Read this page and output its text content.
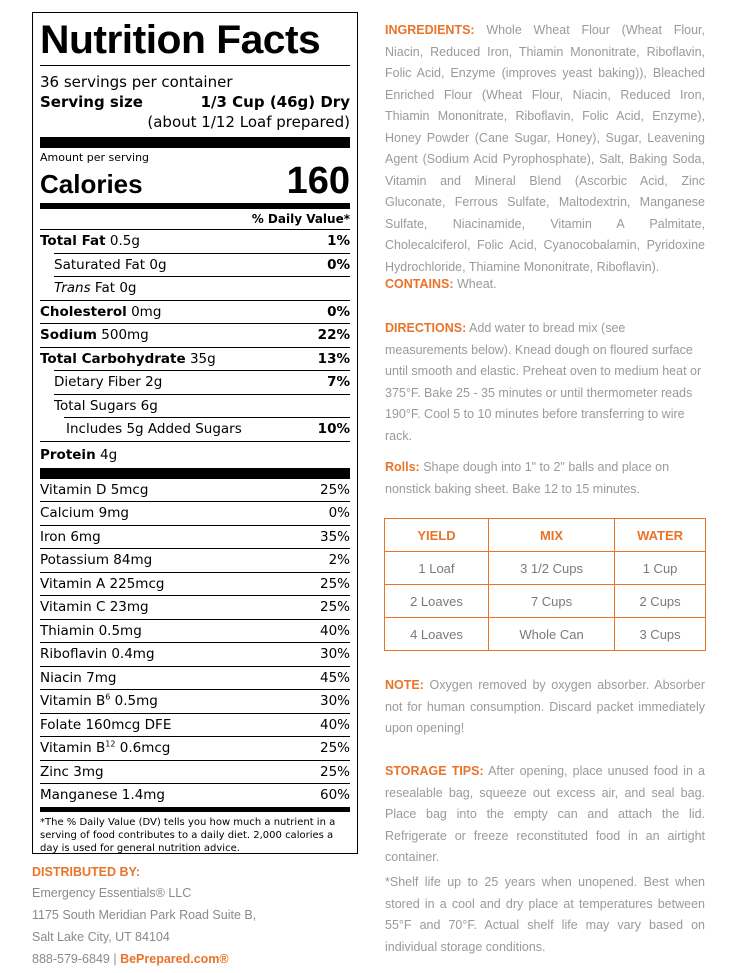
Nutrition Facts
36 servings per container
Serving size	1/3 Cup (46g) Dry
(about 1/12 Loaf prepared)
Amount per serving
Calories	160
% Daily Value*
Total Fat 0.5g	1%
Saturated Fat 0g	0%
Trans Fat 0g
Cholesterol 0mg	0%
Sodium 500mg	22%
Total Carbohydrate 35g	13%
Dietary Fiber 2g	7%
Total Sugars 6g
Includes 5g Added Sugars	10%
Protein 4g
Vitamin D 5mcg	25%
Calcium 9mg	0%
Iron 6mg	35%
Potassium 84mg	2%
Vitamin A 225mcg	25%
Vitamin C 23mg	25%
Thiamin 0.5mg	40%
Riboflavin 0.4mg	30%
Niacin 7mg	45%
Vitamin $B^6$ 0.5mg	30%
Folate 160mcg DFE	40%
Vitamin $B^{12}$ 0.6mcg	25%
Zinc 3mg	25%
Manganese 1.4mg	60%
*The % Daily Value (DV) tells you how much a nutrient in a serving of food contributes to a daily diet. 2,000 calories a day is used for general nutrition advice.
DISTRIBUTED BY:
Emergency Essentials® LLC
1175 South Meridian Park Road Suite B,
Salt Lake City, UT 84104
888-579-6849 | BePrepared.com®
INGREDIENTS: Whole Wheat Flour (Wheat Flour, Niacin, Reduced Iron, Thiamin Mononitrate, Riboflavin, Folic Acid, Enzyme (improves yeast baking)), Bleached Enriched Flour (Wheat Flour, Niacin, Reduced Iron, Thiamin Mononitrate, Riboflavin, Folic Acid, Enzyme), Honey Powder (Cane Sugar, Honey), Sugar, Leavening Agent (Sodium Acid Pyrophosphate), Salt, Baking Soda, Vitamin and Mineral Blend (Ascorbic Acid, Zinc Gluconate, Ferrous Sulfate, Maltodextrin, Manganese Sulfate, Niacinamide, Vitamin A Palmitate, Cholecalciferol, Folic Acid, Cyanocobalamin, Pyridoxine Hydrochloride, Thiamine Mononitrate, Riboflavin).
CONTAINS: Wheat.
DIRECTIONS: Add water to bread mix (see measurements below). Knead dough on floured surface until smooth and elastic. Preheat oven to medium heat or 375°F. Bake 25 - 35 minutes or until thermometer reads 190°F. Cool 5 to 10 minutes before transferring to wire rack.
Rolls: Shape dough into 1" to 2" balls and place on nonstick baking sheet. Bake 12 to 15 minutes.
YIELD	MIX	WATER
1 Loaf	3 1/2 Cups	1 Cup
2 Loaves	7 Cups	2 Cups
4 Loaves	Whole Can	3 Cups
NOTE: Oxygen removed by oxygen absorber. Absorber not for human consumption. Discard packet immediately upon opening!
STORAGE TIPS: After opening, place unused food in a resealable bag, squeeze out excess air, and seal bag. Place bag into the empty can and attach the lid. Refrigerate or freeze reconstituted food in an airtight container.
*Shelf life up to 25 years when unopened. Best when stored in a cool and dry place at temperatures between 55°F and 70°F. Actual shelf life may vary based on individual storage conditions.
